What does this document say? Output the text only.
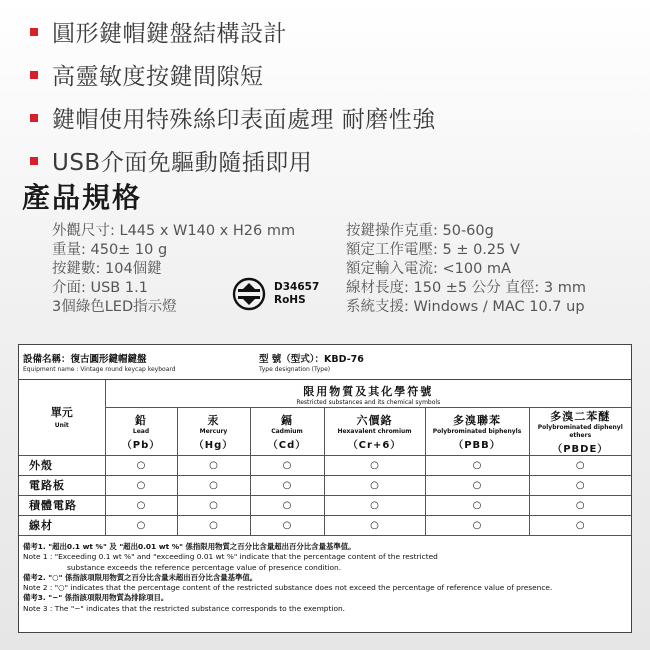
圓形鍵帽鍵盤結構設計
高靈敏度按鍵間隙短
鍵帽使用特殊絲印表面處理 耐磨性強
USB介面免驅動隨插即用
產品規格
外觀尺寸: L445 x W140 x H26 mm
重量: 450± 10 g
按鍵數: 104個鍵
介面: USB 1.1
3個綠色LED指示燈
按鍵操作克重: 50-60g
額定工作電壓: 5 ± 0.25 V
額定輸入電流: <100 mA
線材長度: 150 ±5 公分 直徑: 3 mm
系統支援: Windows / MAC 10.7 up
D34657
RoHS
設備名稱：復古圓形鍵帽鍵盤
Equipment name : Vintage round keycap keyboard
型 號（型式）：KBD-76
Type designation (Type)
單元
Unit	限用物質及其化學符號
Restricted substances and its chemical symbols					

	鉛
Lead
（Pb）	汞
Mercury
（Hg）	鎘
Cadmium
（Cd）	六價鉻
Hexavalent chromium
（Cr+6）	多溴聯苯
Polybrominated biphenyls
（PBB）	多溴二苯醚
Polybrominated diphenyl ethers
（PBDE）

外殼	○	○	○	○	○	○
電路板	○	○	○	○	○	○
積體電路	○	○	○	○	○	○
線材	○	○	○	○	○	○
備考1. "超出0.1 wt %" 及 "超出0.01 wt %" 係指限用物質之百分比含量超出百分比含量基準值。
Note 1 : "Exceeding 0.1 wt %" and "exceeding 0.01 wt %" indicate that the percentage content of the restricted
substance exceeds the reference percentage value of presence condition.
備考2. "○" 係指該項限用物質之百分比含量未超出百分比含量基準值。
Note 2 : "○" indicates that the percentage content of the restricted substance does not exceed the percentage of reference value of presence.
備考3. "−" 係指該項限用物質為排除項目。
Note 3 : The "−" indicates that the restricted substance corresponds to the exemption.
